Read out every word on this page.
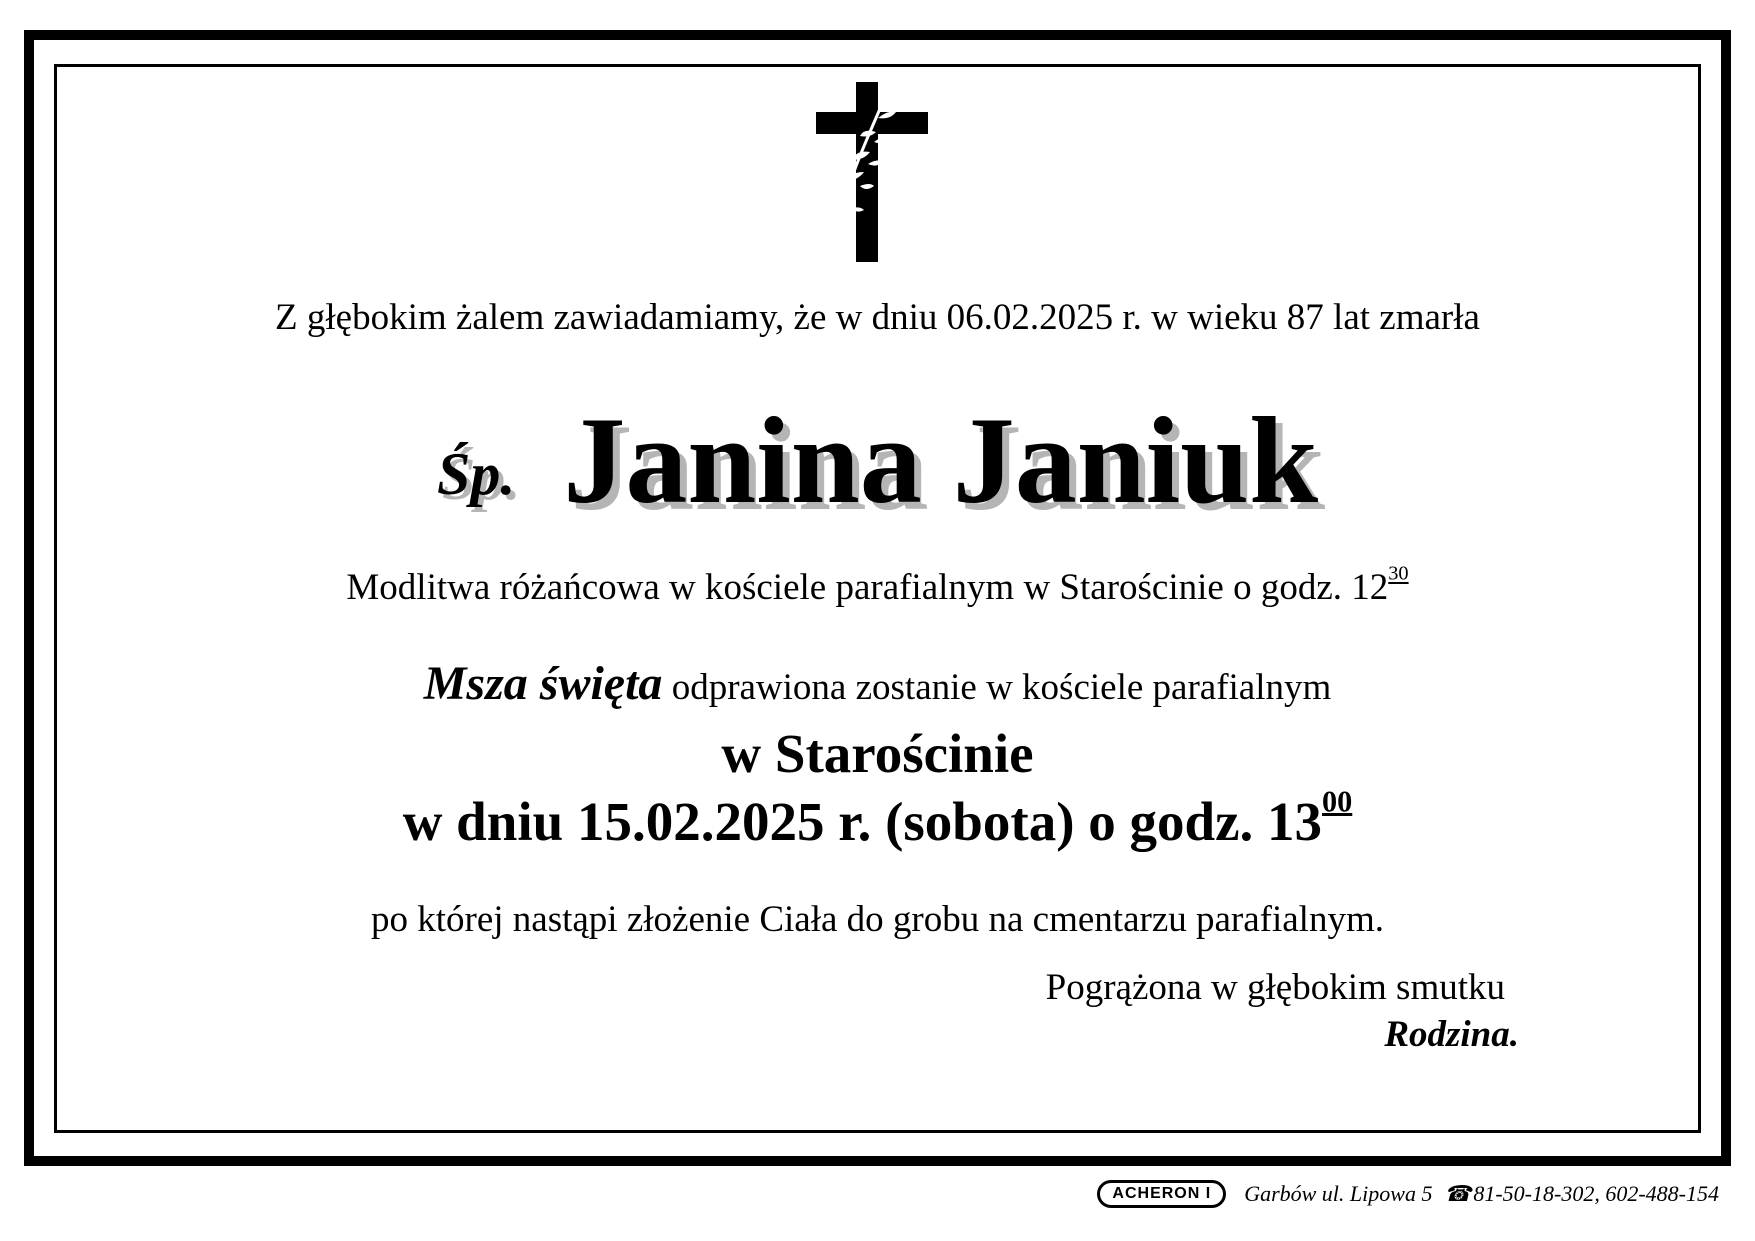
Z głębokim żalem zawiadamiamy, że w dniu 06.02.2025 r. w wieku 87 lat zmarła
Śp. Janina Janiuk
Modlitwa różańcowa w kościele parafialnym w Starościnie o godz. $12^{30}$
Msza święta odprawiona zostanie w kościele parafialnym
w Starościnie
w dniu 15.02.2025 r. (sobota) o godz. $13^{00}$
po której nastąpi złożenie Ciała do grobu na cmentarzu parafialnym.
Pogrążona w głębokim smutku
Rodzina.
ACHERON I	Garbów ul. Lipowa 5 ☎81-50-18-302, 602-488-154
